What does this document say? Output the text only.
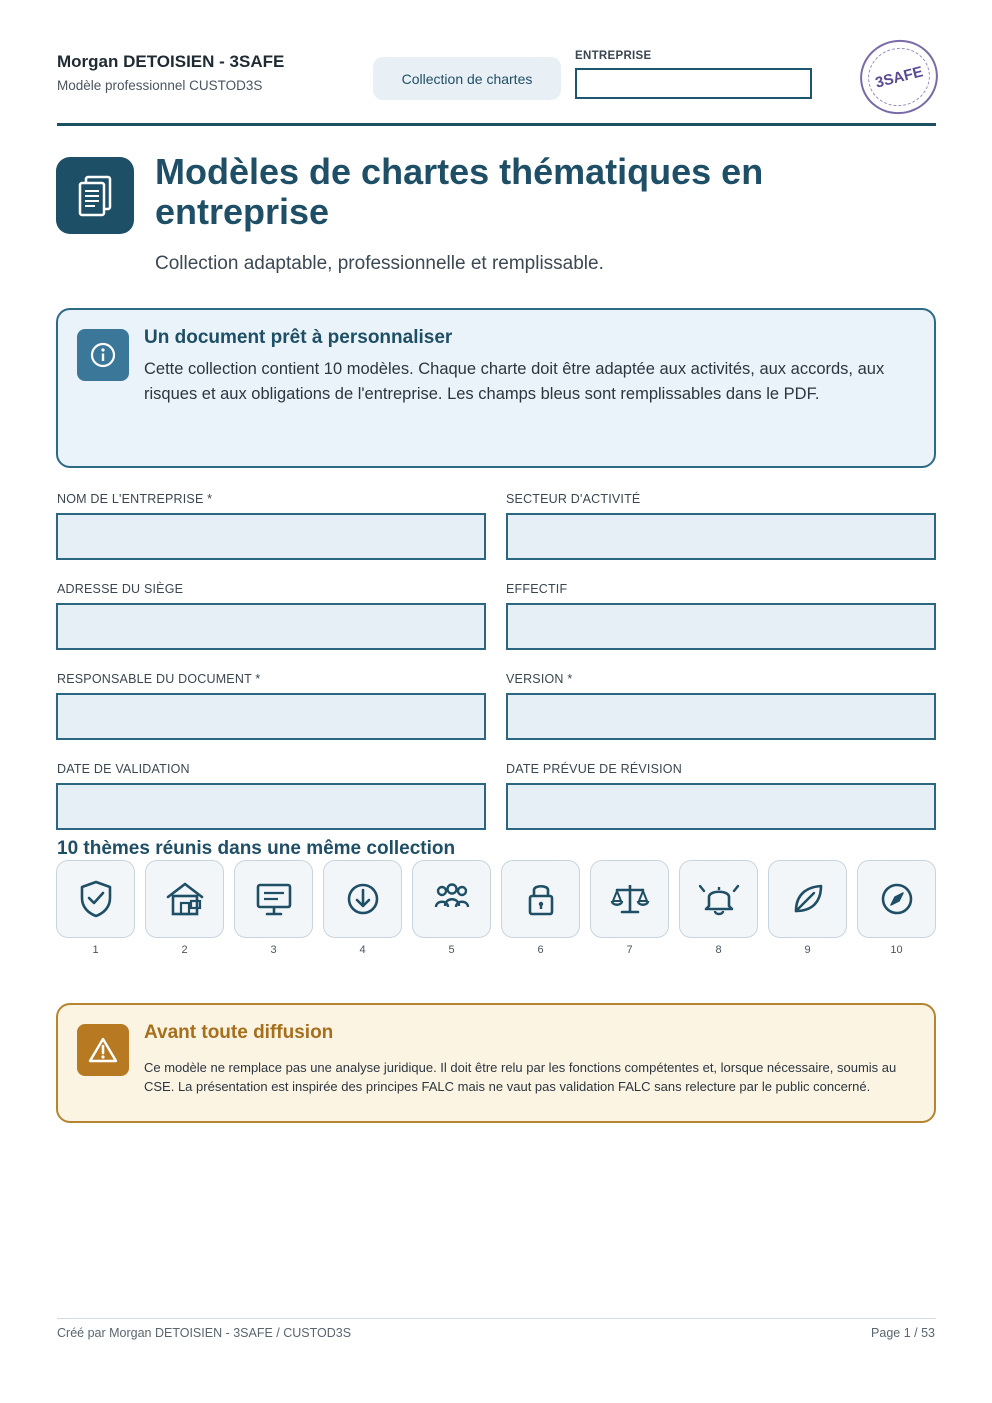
Morgan DETOISIEN - 3SAFE
Modèle professionnel CUSTOD3S	Collection de chartes
ENTREPRISE
3SAFE
Modèles de chartes thématiques en entreprise
Collection adaptable, professionnelle et remplissable.
Un document prêt à personnaliser
Cette collection contient 10 modèles. Chaque charte doit être adaptée aux activités, aux accords, aux risques et aux obligations de l'entreprise. Les champs bleus sont remplissables dans le PDF.
NOM DE L'ENTREPRISE *	SECTEUR D'ACTIVITÉ
ADRESSE DU SIÈGE	EFFECTIF
RESPONSABLE DU DOCUMENT *	VERSION *
DATE DE VALIDATION	DATE PRÉVUE DE RÉVISION
10 thèmes réunis dans une même collection
1	2	3	4	5	6	7	8	9	10
Avant toute diffusion
Ce modèle ne remplace pas une analyse juridique. Il doit être relu par les fonctions compétentes et, lorsque nécessaire, soumis au CSE. La présentation est inspirée des principes FALC mais ne vaut pas validation FALC sans relecture par le public concerné.
Créé par Morgan DETOISIEN - 3SAFE / CUSTOD3S	Page 1 / 53
